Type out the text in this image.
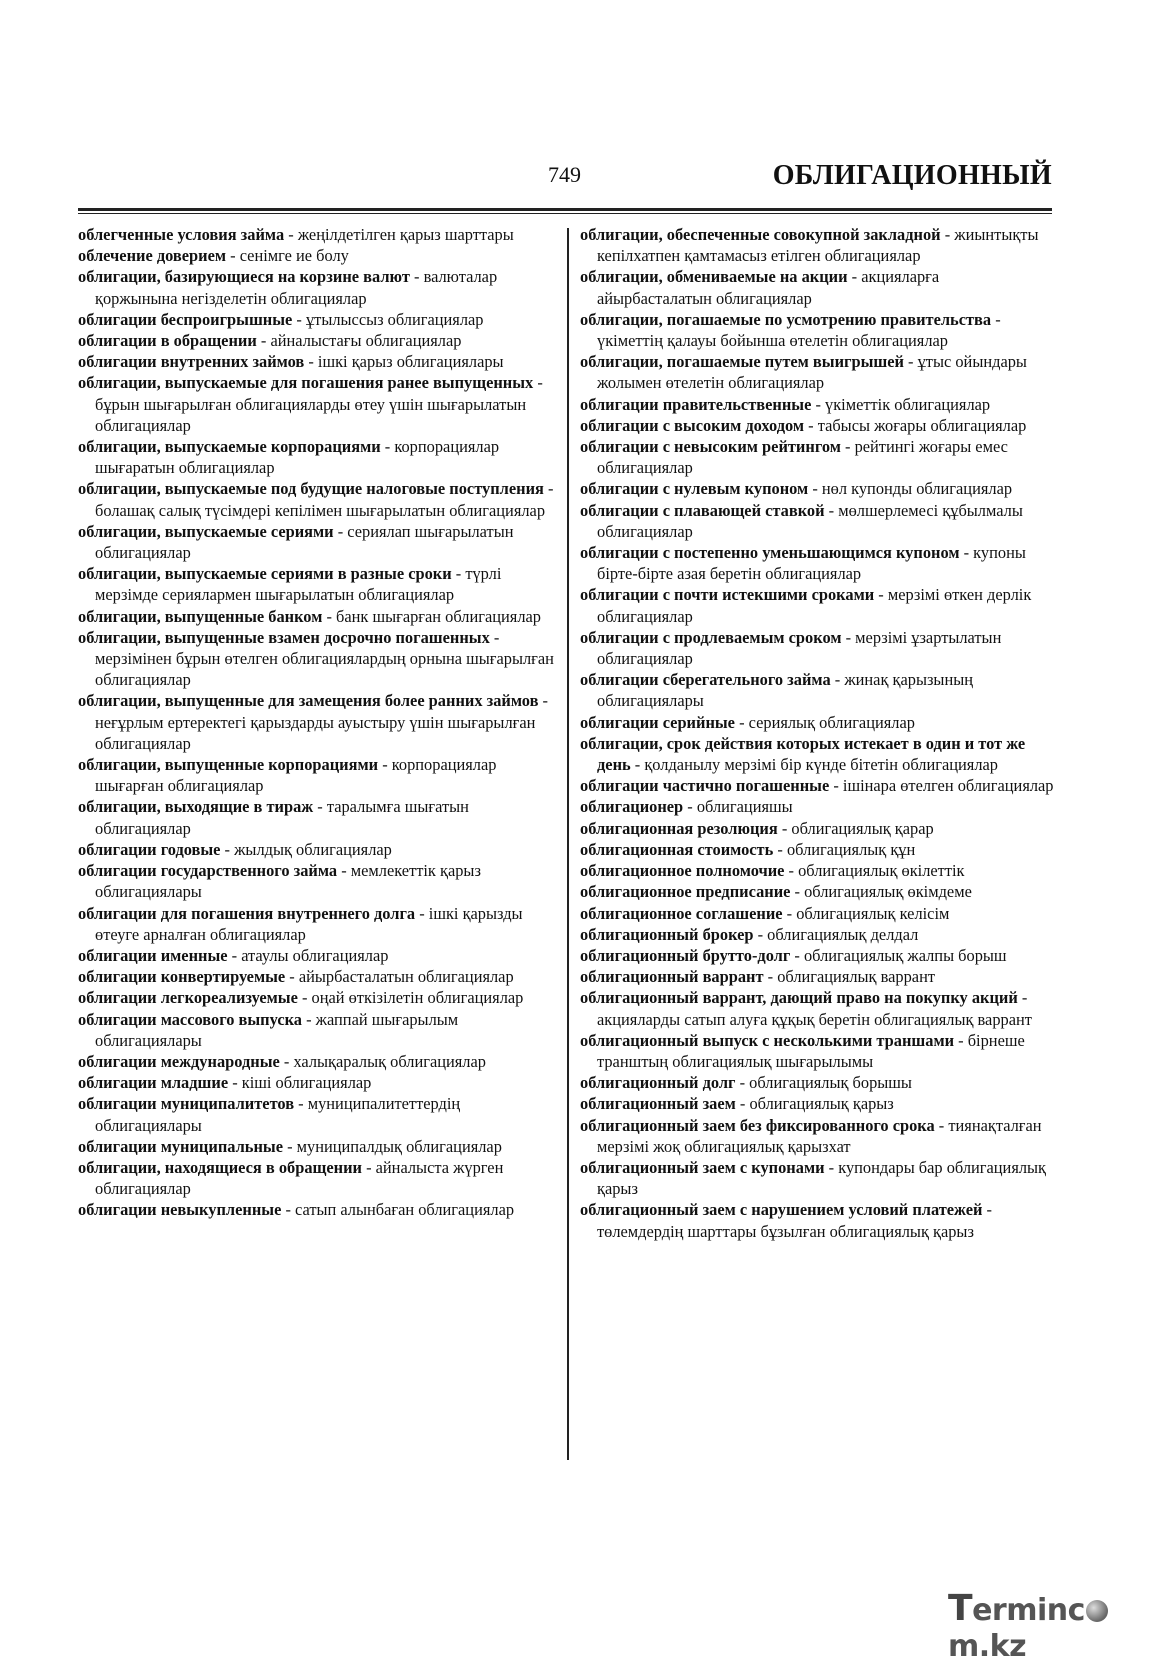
749	ОБЛИГАЦИОННЫЙ

облегченные условия займа - жеңілдетілген қарыз шарттары

облечение доверием - сенімге ие болу

облигации, базирующиеся на корзине валют - валюталар қоржынына негізделетін облигациялар

облигации беспроигрышные - ұтылыссыз облигациялар

облигации в обращении - айналыстағы облигациялар

облигации внутренних займов - ішкі қарыз облигациялары

облигации, выпускаемые для погашения ранее выпущенных - бұрын шығарылған облигацияларды өтеу үшін шығарылатын облигациялар

облигации, выпускаемые корпорациями - корпорациялар шығаратын облигациялар

облигации, выпускаемые под будущие налоговые поступления - болашақ салық түсімдері кепілімен шығарылатын облигациялар

облигации, выпускаемые сериями - сериялап шығарылатын облигациялар

облигации, выпускаемые сериями в разные сроки - түрлі мерзімде сериялармен шығарылатын облигациялар

облигации, выпущенные банком - банк шығарған облигациялар

облигации, выпущенные взамен досрочно погашенных - мерзімінен бұрын өтелген облигациялардың орнына шығарылған облигациялар

облигации, выпущенные для замещения более ранних займов - неғұрлым ертеректегі қарыздарды ауыстыру үшін шығарылған облигациялар

облигации, выпущенные корпорациями - корпорациялар шығарған облигациялар

облигации, выходящие в тираж - таралымға шығатын облигациялар

облигации годовые - жылдық облигациялар

облигации государственного займа - мемлекеттік қарыз облигациялары

облигации для погашения внутреннего долга - ішкі қарызды өтеуге арналған облигациялар

облигации именные - атаулы облигациялар

облигации конвертируемые - айырбасталатын облигациялар

облигации легкореализуемые - оңай өткізілетін облигациялар

облигации массового выпуска - жаппай шығарылым облигациялары

облигации международные - халықаралық облигациялар

облигации младшие - кіші облигациялар

облигации муниципалитетов - муниципалитеттердің облигациялары

облигации муниципальные - муниципалдық облигациялар

облигации, находящиеся в обращении - айналыста жүрген облигациялар

облигации невыкупленные - сатып алынбаған облигациялар

облигации, обеспеченные совокупной закладной - жиынтықты кепілхатпен қамтамасыз етілген облигациялар

облигации, обмениваемые на акции - акцияларға айырбасталатын облигациялар

облигации, погашаемые по усмотрению правительства - үкіметтің қалауы бойынша өтелетін облигациялар

облигации, погашаемые путем выигрышей - ұтыс ойындары жолымен өтелетін облигациялар

облигации правительственные - үкіметтік облигациялар

облигации с высоким доходом - табысы жоғары облигациялар

облигации с невысоким рейтингом - рейтингі жоғары емес облигациялар

облигации с нулевым купоном - нөл купонды облигациялар

облигации с плавающей ставкой - мөлшерлемесі құбылмалы облигациялар

облигации с постепенно уменьшающимся купоном - купоны бірте-бірте азая беретін облигациялар

облигации с почти истекшими сроками - мерзімі өткен дерлік облигациялар

облигации с продлеваемым сроком - мерзімі ұзартылатын облигациялар

облигации сберегательного займа - жинақ қарызының облигациялары

облигации серийные - сериялық облигациялар

облигации, срок действия которых истекает в один и тот же день - қолданылу мерзімі бір күнде бітетін облигациялар

облигации частично погашенные - ішінара өтелген облигациялар

облигационер - облигацияшы

облигационная резолюция - облигациялық қарар

облигационная стоимость - облигациялық құн

облигационное полномочие - облигациялық өкілеттік

облигационное предписание - облигациялық өкімдеме

облигационное соглашение - облигациялық келісім

облигационный брокер - облигациялық делдал

облигационный брутто-долг - облигациялық жалпы борыш

облигационный варрант - облигациялық варрант

облигационный варрант, дающий право на покупку акций - акцияларды сатып алуға құқық беретін облигациялық варрант

облигационный выпуск с несколькими траншами - бірнеше транштың облигациялық шығарылымы

облигационный долг - облигациялық борышы

облигационный заем - облигациялық қарыз

облигационный заем без фиксированного срока - тиянақталған мерзімі жоқ облигациялық қарызхат

облигационный заем с купонами - купондары бар облигациялық қарыз

облигационный заем с нарушением условий платежей - төлемдердің шарттары бұзылған облигациялық қарыз

Termincm.kz
